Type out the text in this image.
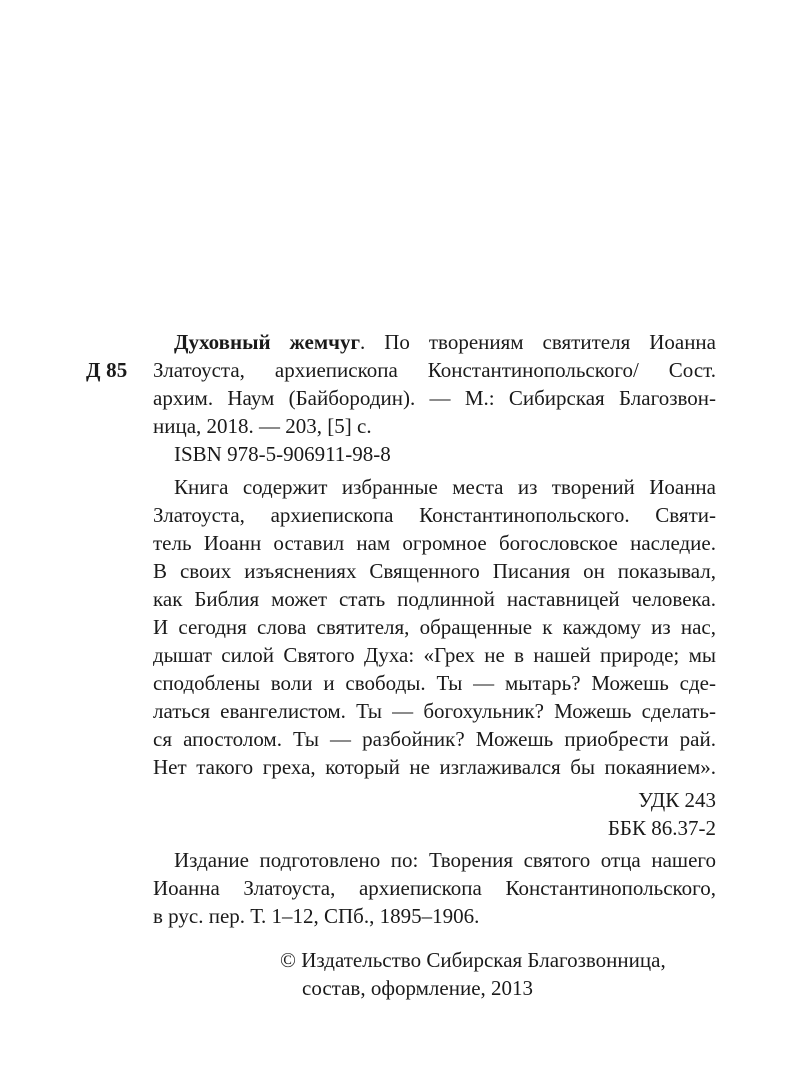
Д 85
Духовный жемчуг. По творениям святителя Иоанна
Златоуста, архиепископа Константинопольского/ Сост.
архим. Наум (Байбородин). — М.: Сибирская Благозвон-
ница, 2018. — 203, [5] с.
ISBN 978-5-906911-98-8
Книга содержит избранные места из творений Иоанна
Златоуста, архиепископа Константинопольского. Святи-
тель Иоанн оставил нам огромное богословское наследие.
В своих изъяснениях Священного Писания он показывал,
как Библия может стать подлинной наставницей человека.
И сегодня слова святителя, обращенные к каждому из нас,
дышат силой Святого Духа: «Грех не в нашей природе; мы
сподоблены воли и свободы. Ты — мытарь? Можешь сде-
латься евангелистом. Ты — богохульник? Можешь сделать-
ся апостолом. Ты — разбойник? Можешь приобрести рай.
Нет такого греха, который не изглаживался бы покаянием».
УДК 243
ББК 86.37-2
Издание подготовлено по: Творения святого отца нашего
Иоанна Златоуста, архиепископа Константинопольского,
в рус. пер. Т. 1–12, СПб., 1895–1906.
© Издательство Сибирская Благозвонница,
состав, оформление, 2013
